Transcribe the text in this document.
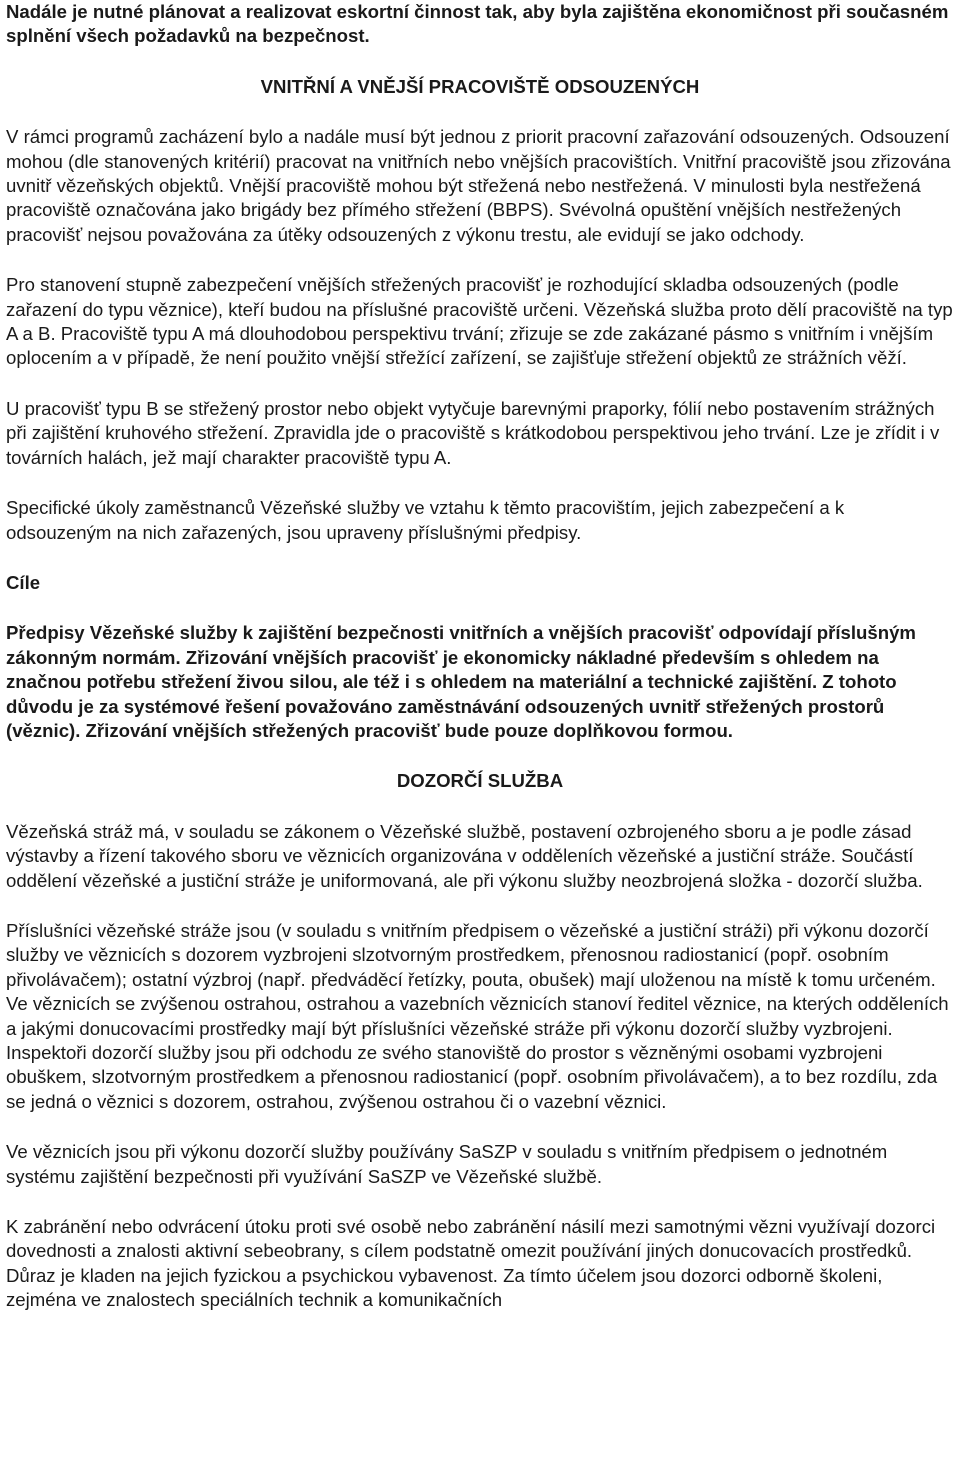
Nadále je nutné plánovat a realizovat eskortní činnost tak, aby byla zajištěna ekonomičnost při současném splnění všech požadavků na bezpečnost.

VNITŘNÍ A VNĚJŠÍ PRACOVIŠTĚ ODSOUZENÝCH

V rámci programů zacházení bylo a nadále musí být jednou z priorit pracovní zařazování odsouzených. Odsouzení mohou (dle stanovených kritérií) pracovat na vnitřních nebo vnějších pracovištích. Vnitřní pracoviště jsou zřizována uvnitř vězeňských objektů. Vnější pracoviště mohou být střežená nebo nestřežená. V minulosti byla nestřežená pracoviště označována jako brigády bez přímého střežení (BBPS). Svévolná opuštění vnějších nestřežených pracovišť nejsou považována za útěky odsouzených z výkonu trestu, ale evidují se jako odchody.

Pro stanovení stupně zabezpečení vnějších střežených pracovišť je rozhodující skladba odsouzených (podle zařazení do typu věznice), kteří budou na příslušné pracoviště určeni. Vězeňská služba proto dělí pracoviště na typ A a B. Pracoviště typu A má dlouhodobou perspektivu trvání; zřizuje se zde zakázané pásmo s vnitřním i vnějším oplocením a v případě, že není použito vnější střežící zařízení, se zajišťuje střežení objektů ze strážních věží.

U pracovišť typu B se střežený prostor nebo objekt vytyčuje barevnými praporky, fólií nebo postavením strážných při zajištění kruhového střežení. Zpravidla jde o pracoviště s krátkodobou perspektivou jeho trvání. Lze je zřídit i v továrních halách, jež mají charakter pracoviště typu A.

Specifické úkoly zaměstnanců Vězeňské služby ve vztahu k těmto pracovištím, jejich zabezpečení a k odsouzeným na nich zařazených, jsou upraveny příslušnými předpisy.

Cíle

Předpisy Vězeňské služby k zajištění bezpečnosti vnitřních a vnějších pracovišť odpovídají příslušným zákonným normám. Zřizování vnějších pracovišť je ekonomicky nákladné především s ohledem na značnou potřebu střežení živou silou, ale též i s ohledem na materiální a technické zajištění. Z tohoto důvodu je za systémové řešení považováno zaměstnávání odsouzených uvnitř střežených prostorů (věznic). Zřizování vnějších střežených pracovišť bude pouze doplňkovou formou.

DOZORČÍ SLUŽBA

Vězeňská stráž má, v souladu se zákonem o Vězeňské službě, postavení ozbrojeného sboru a je podle zásad výstavby a řízení takového sboru ve věznicích organizována v odděleních vězeňské a justiční stráže. Součástí oddělení vězeňské a justiční stráže je uniformovaná, ale při výkonu služby neozbrojená složka - dozorčí služba.

Příslušníci vězeňské stráže jsou (v souladu s vnitřním předpisem o vězeňské a justiční stráži) při výkonu dozorčí služby ve věznicích s dozorem vyzbrojeni slzotvorným prostředkem, přenosnou radiostanicí (popř. osobním přivolávačem); ostatní výzbroj (např. předváděcí řetízky, pouta, obušek) mají uloženou na místě k tomu určeném. Ve věznicích se zvýšenou ostrahou, ostrahou a vazebních věznicích stanoví ředitel věznice, na kterých odděleních a jakými donucovacími prostředky mají být příslušníci vězeňské stráže při výkonu dozorčí služby vyzbrojeni. Inspektoři dozorčí služby jsou při odchodu ze svého stanoviště do prostor s vězněnými osobami vyzbrojeni obuškem, slzotvorným prostředkem a přenosnou radiostanicí (popř. osobním přivolávačem), a to bez rozdílu, zda se jedná o věznici s dozorem, ostrahou, zvýšenou ostrahou či o vazební věznici.

Ve věznicích jsou při výkonu dozorčí služby používány SaSZP v souladu s vnitřním předpisem o jednotném systému zajištění bezpečnosti při využívání SaSZP ve Vězeňské službě.

K zabránění nebo odvrácení útoku proti své osobě nebo zabránění násilí mezi samotnými vězni využívají dozorci dovednosti a znalosti aktivní sebeobrany, s cílem podstatně omezit používání jiných donucovacích prostředků. Důraz je kladen na jejich fyzickou a psychickou vybavenost. Za tímto účelem jsou dozorci odborně školeni, zejména ve znalostech speciálních technik a komunikačních
